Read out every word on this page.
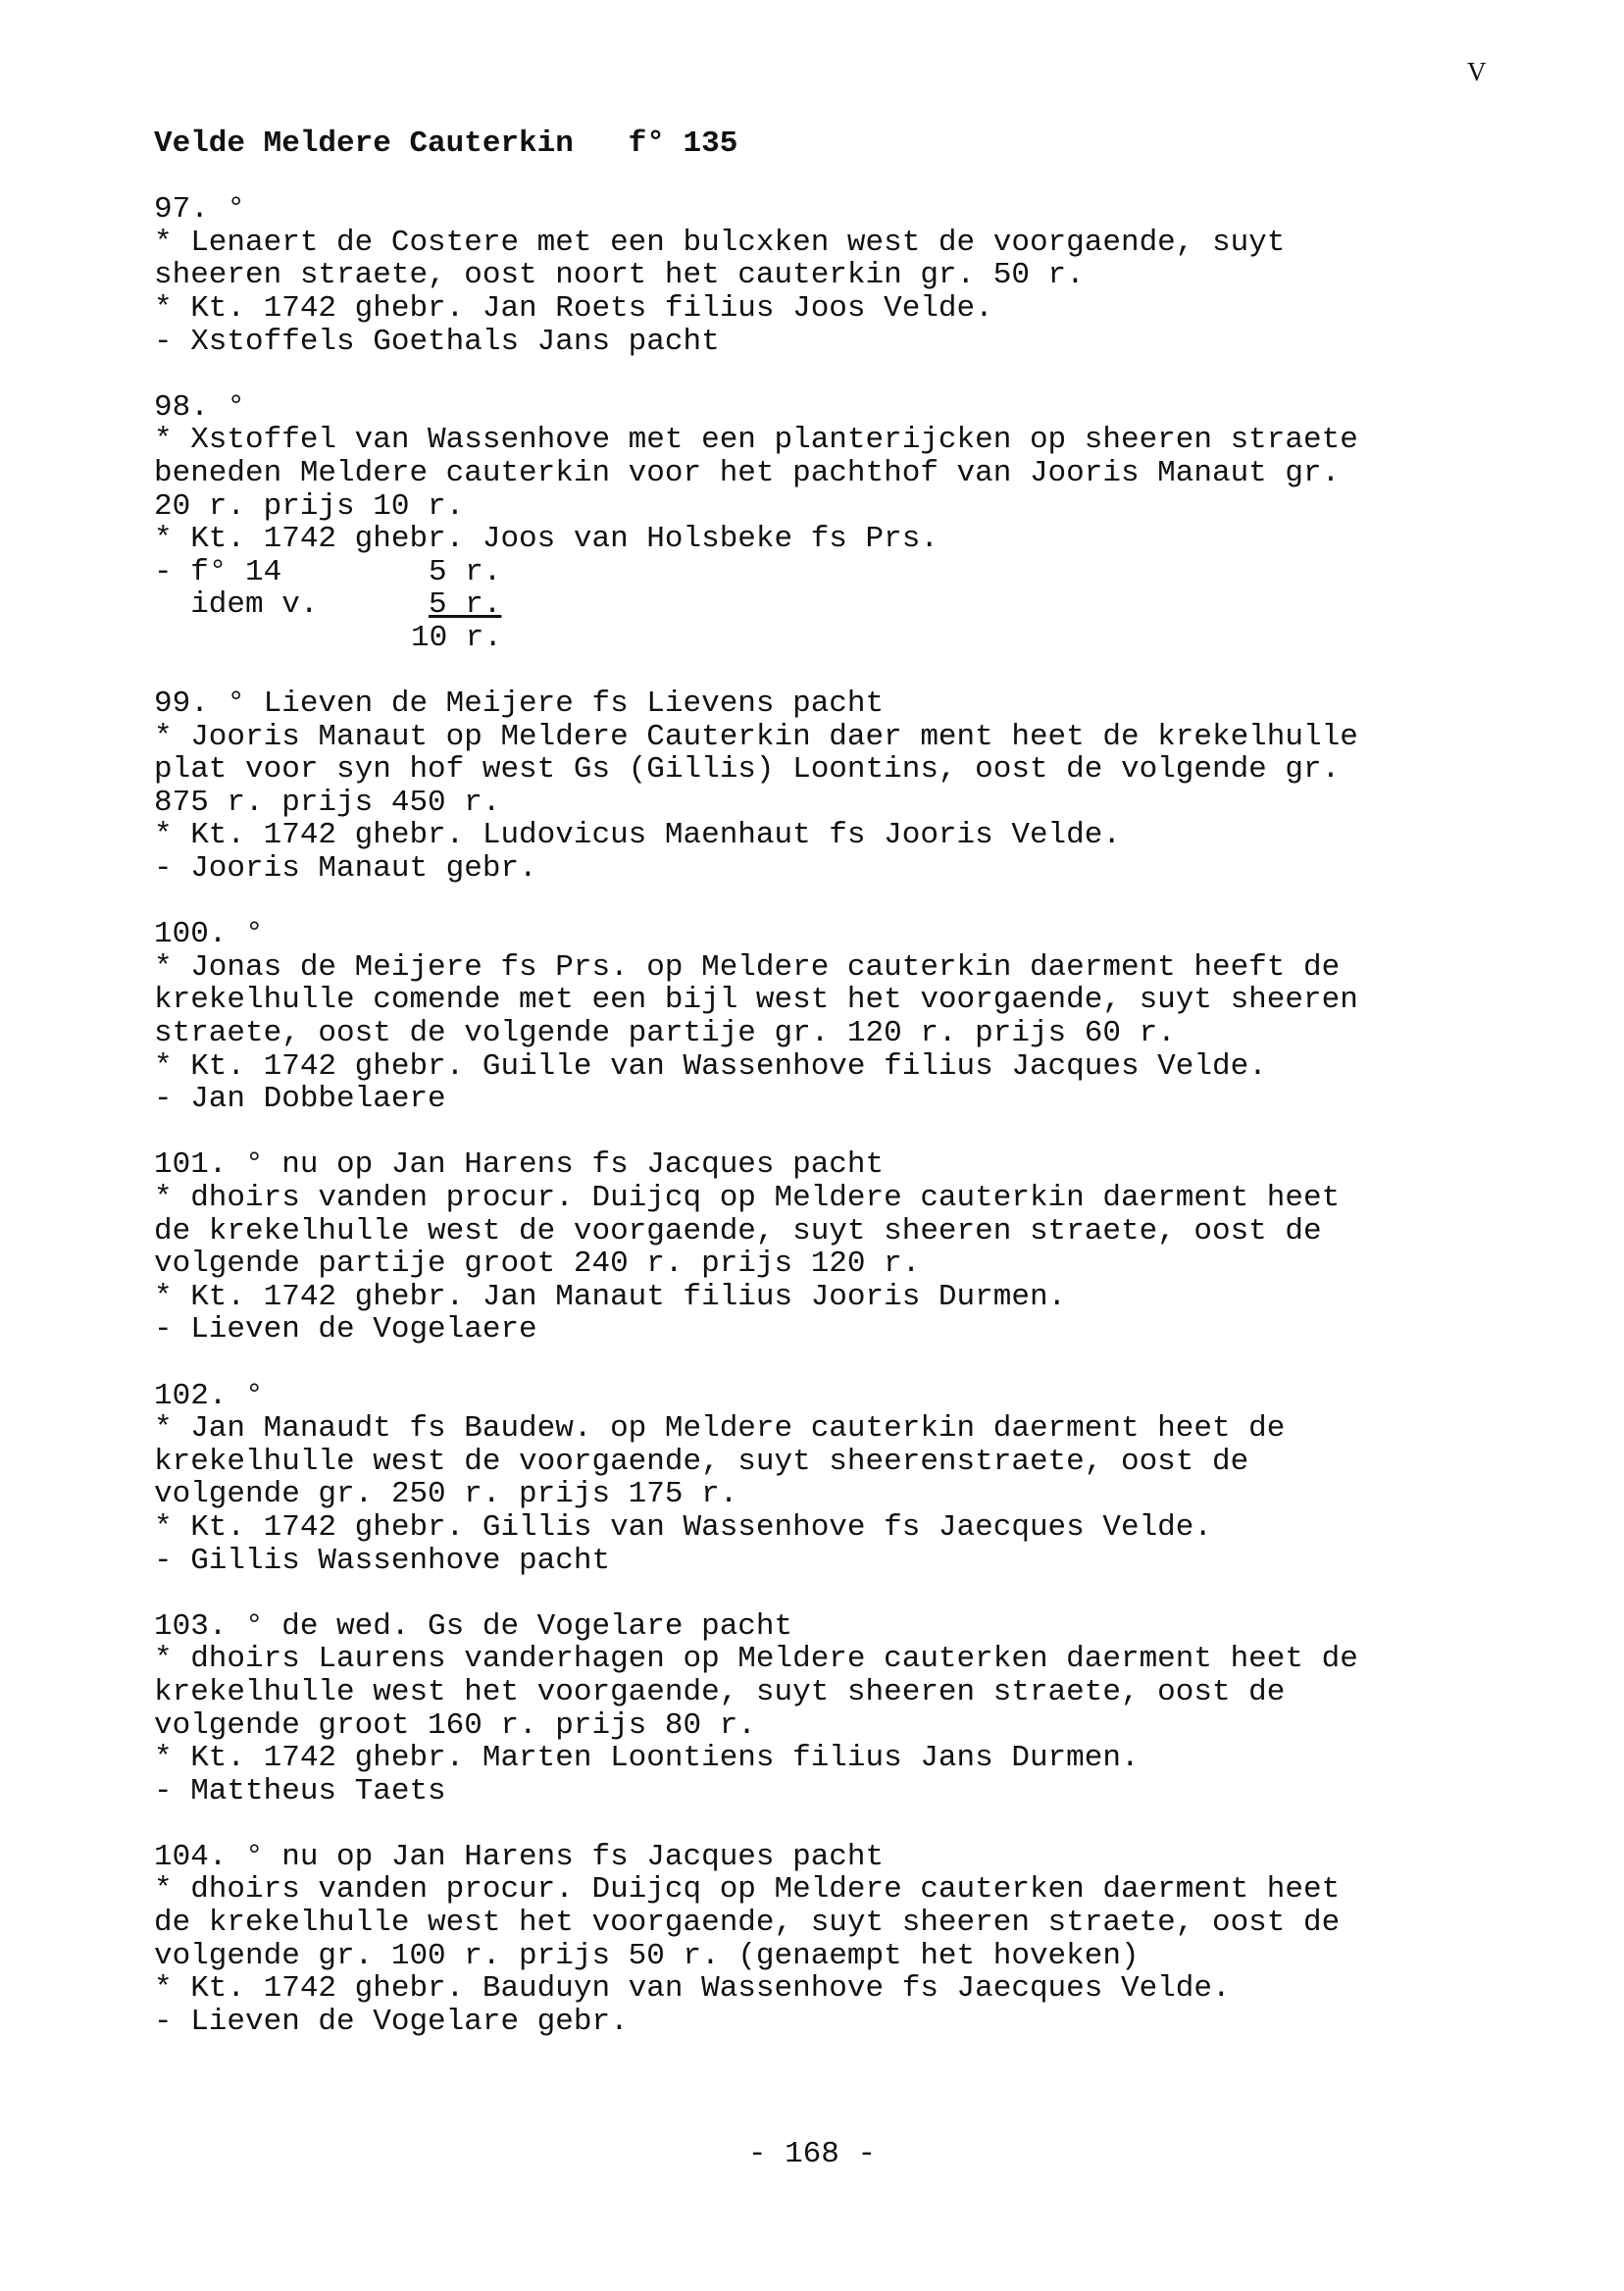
V
Velde Meldere Cauterkin   f° 135
97. °
* Lenaert de Costere met een bulcxken west de voorgaende, suyt
sheeren straete, oost noort het cauterkin gr. 50 r.
* Kt. 1742 ghebr. Jan Roets filius Joos Velde.
- Xstoffels Goethals Jans pacht
98. °
* Xstoffel van Wassenhove met een planterijcken op sheeren straete
beneden Meldere cauterkin voor het pachthof van Jooris Manaut gr.
20 r. prijs 10 r.
* Kt. 1742 ghebr. Joos van Holsbeke fs Prs.
- f° 14	5 r.
idem v.	5 r.
10 r.
99. ° Lieven de Meijere fs Lievens pacht
* Jooris Manaut op Meldere Cauterkin daer ment heet de krekelhulle
plat voor syn hof west Gs (Gillis) Loontins, oost de volgende gr.
875 r. prijs 450 r.
* Kt. 1742 ghebr. Ludovicus Maenhaut fs Jooris Velde.
- Jooris Manaut gebr.
100. °
* Jonas de Meijere fs Prs. op Meldere cauterkin daerment heeft de
krekelhulle comende met een bijl west het voorgaende, suyt sheeren
straete, oost de volgende partije gr. 120 r. prijs 60 r.
* Kt. 1742 ghebr. Guille van Wassenhove filius Jacques Velde.
- Jan Dobbelaere
101. ° nu op Jan Harens fs Jacques pacht
* dhoirs vanden procur. Duijcq op Meldere cauterkin daerment heet
de krekelhulle west de voorgaende, suyt sheeren straete, oost de
volgende partije groot 240 r. prijs 120 r.
* Kt. 1742 ghebr. Jan Manaut filius Jooris Durmen.
- Lieven de Vogelaere
102. °
* Jan Manaudt fs Baudew. op Meldere cauterkin daerment heet de
krekelhulle west de voorgaende, suyt sheerenstraete, oost de
volgende gr. 250 r. prijs 175 r.
* Kt. 1742 ghebr. Gillis van Wassenhove fs Jaecques Velde.
- Gillis Wassenhove pacht
103. ° de wed. Gs de Vogelare pacht
* dhoirs Laurens vanderhagen op Meldere cauterken daerment heet de
krekelhulle west het voorgaende, suyt sheeren straete, oost de
volgende groot 160 r. prijs 80 r.
* Kt. 1742 ghebr. Marten Loontiens filius Jans Durmen.
- Mattheus Taets
104. ° nu op Jan Harens fs Jacques pacht
* dhoirs vanden procur. Duijcq op Meldere cauterken daerment heet
de krekelhulle west het voorgaende, suyt sheeren straete, oost de
volgende gr. 100 r. prijs 50 r. (genaempt het hoveken)
* Kt. 1742 ghebr. Bauduyn van Wassenhove fs Jaecques Velde.
- Lieven de Vogelare gebr.
- 168 -
